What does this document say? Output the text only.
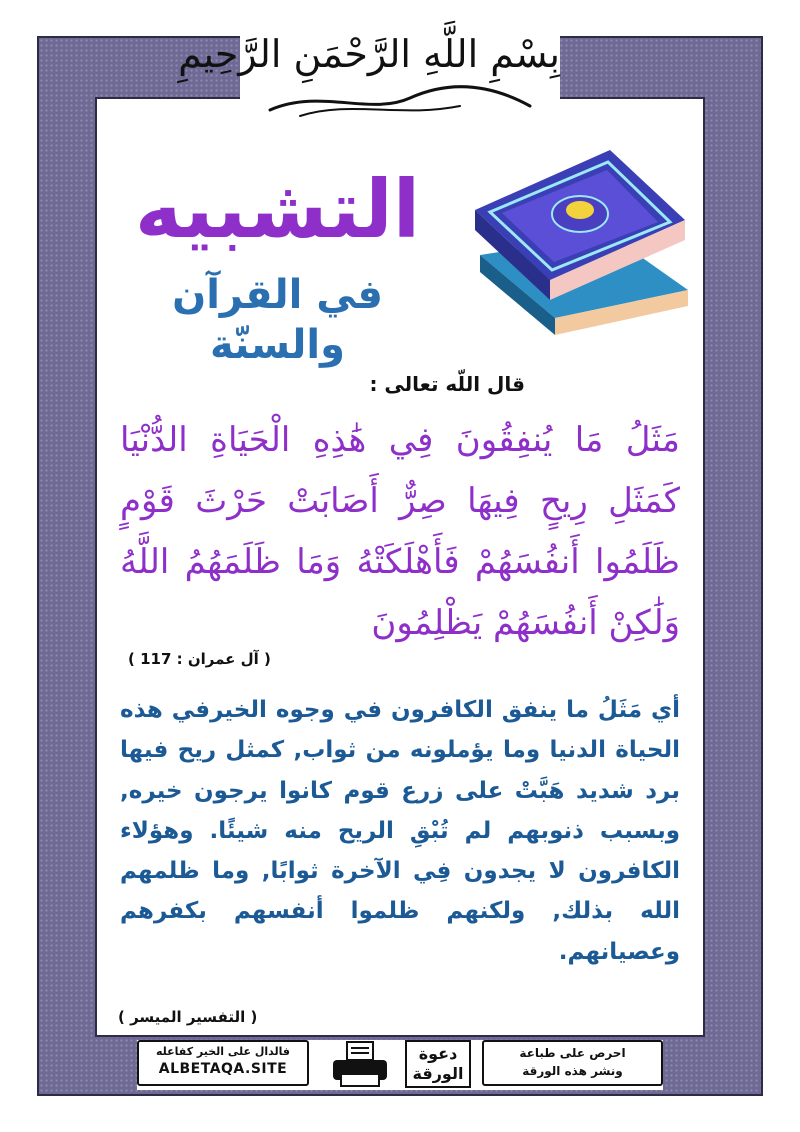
بِسْمِ اللَّهِ الرَّحْمَنِ الرَّحِيمِ
التشبيه
في القرآن والسنّة
قال اللّه تعالى :
مَثَلُ مَا يُنفِقُونَ فِي هَٰذِهِ الْحَيَاةِ الدُّنْيَا كَمَثَلِ رِيحٍ فِيهَا صِرٌّ أَصَابَتْ حَرْثَ قَوْمٍ ظَلَمُوا أَنفُسَهُمْ فَأَهْلَكَتْهُ وَمَا ظَلَمَهُمُ اللَّهُ وَلَٰكِنْ أَنفُسَهُمْ يَظْلِمُونَ
( آل عمران : 117 )
أي مَثَلُ ما ينفق الكافرون في وجوه الخيرفي هذه الحياة الدنيا وما يؤملونه من ثواب, كمثل ريح فيها برد شديد هَبَّتْ على زرع قوم كانوا يرجون خيره, وبسبب ذنوبهم لم تُبْقِ الريح منه شيئًا. وهؤلاء الكافرون لا يجدون فِي الآخرة ثوابًا, وما ظلمهم الله بذلك, ولكنهم ظلموا أنفسهم بكفرهم وعصيانهم.
( التفسير الميسر )
فالدال على الخير كفاعله
ALBETAQA.SITE
دعوة
الورقة
احرص على طباعة
ونشر هذه الورقة
